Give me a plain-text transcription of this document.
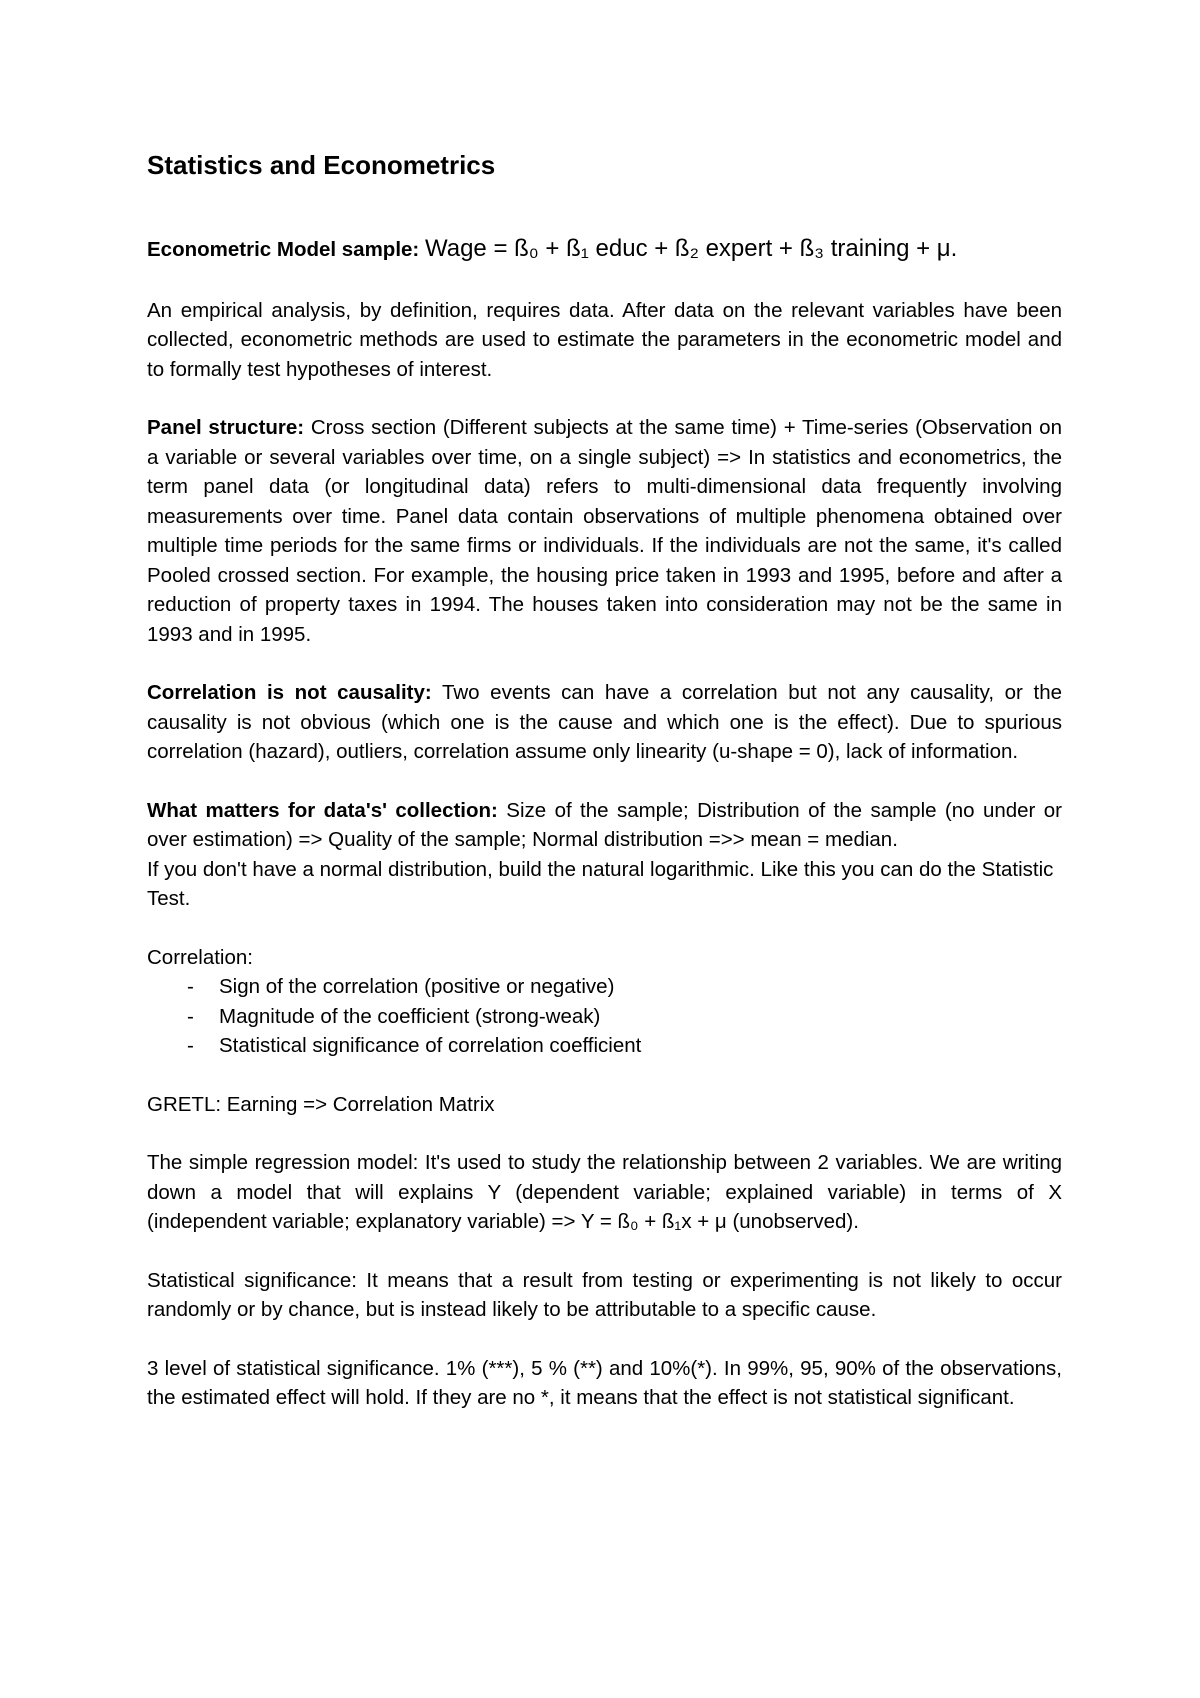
Statistics and Econometrics

Econometric Model sample: Wage = ß₀ + ß₁ educ + ß₂ expert + ß₃ training + μ.

An empirical analysis, by definition, requires data. After data on the relevant variables have been collected, econometric methods are used to estimate the parameters in the econometric model and to formally test hypotheses of interest.

Panel structure: Cross section (Different subjects at the same time) + Time-series (Observation on a variable or several variables over time, on a single subject) => In statistics and econometrics, the term panel data (or longitudinal data) refers to multi-dimensional data frequently involving measurements over time. Panel data contain observations of multiple phenomena obtained over multiple time periods for the same firms or individuals. If the individuals are not the same, it's called Pooled crossed section. For example, the housing price taken in 1993 and 1995, before and after a reduction of property taxes in 1994. The houses taken into consideration may not be the same in 1993 and in 1995.

Correlation is not causality: Two events can have a correlation but not any causality, or the causality is not obvious (which one is the cause and which one is the effect). Due to spurious correlation (hazard), outliers, correlation assume only linearity (u-shape = 0), lack of information.

What matters for data's' collection: Size of the sample; Distribution of the sample (no under or over estimation) => Quality of the sample; Normal distribution =>> mean = median.

If you don't have a normal distribution, build the natural logarithmic. Like this you can do the Statistic Test.

Correlation:

- Sign of the correlation (positive or negative)
- Magnitude of the coefficient (strong-weak)
- Statistical significance of correlation coefficient

GRETL: Earning => Correlation Matrix

The simple regression model: It's used to study the relationship between 2 variables. We are writing down a model that will explains Y (dependent variable; explained variable) in terms of X (independent variable; explanatory variable) => Y = ß₀ + ß₁x + μ (unobserved).

Statistical significance: It means that a result from testing or experimenting is not likely to occur randomly or by chance, but is instead likely to be attributable to a specific cause.

3 level of statistical significance. 1% (***), 5 % (**) and 10%(*). In 99%, 95, 90% of the observations, the estimated effect will hold. If they are no *, it means that the effect is not statistical significant.
